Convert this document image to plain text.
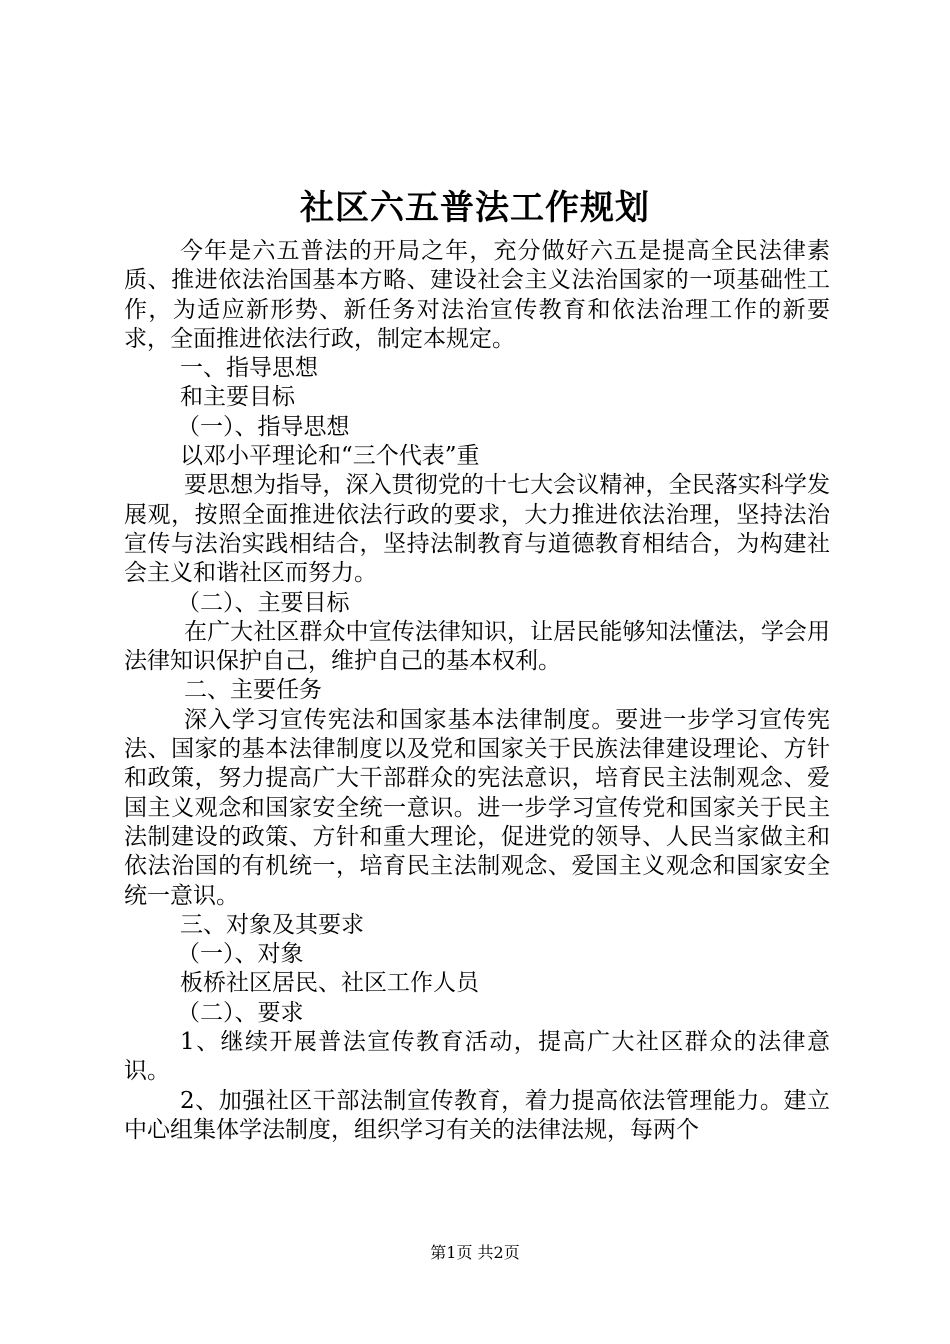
社区六五普法工作规划

今年是六五普法的开局之年，充分做好六五是提高全民法律素质、推进依法治国基本方略、建设社会主义法治国家的一项基础性工作，为适应新形势、新任务对法治宣传教育和依法治理工作的新要求，全面推进依法行政，制定本规定。

一、指导思想

和主要目标

（一）、指导思想

以邓小平理论和“三个代表”重

要思想为指导，深入贯彻党的十七大会议精神，全民落实科学发展观，按照全面推进依法行政的要求，大力推进依法治理，坚持法治宣传与法治实践相结合，坚持法制教育与道德教育相结合，为构建社会主义和谐社区而努力。

（二）、主要目标

在广大社区群众中宣传法律知识，让居民能够知法懂法，学会用法律知识保护自己，维护自己的基本权利。

二、主要任务

深入学习宣传宪法和国家基本法律制度。要进一步学习宣传宪法、国家的基本法律制度以及党和国家关于民族法律建设理论、方针和政策，努力提高广大干部群众的宪法意识，培育民主法制观念、爱国主义观念和国家安全统一意识。进一步学习宣传党和国家关于民主法制建设的政策、方针和重大理论，促进党的领导、人民当家做主和依法治国的有机统一，培育民主法制观念、爱国主义观念和国家安全统一意识。

三、对象及其要求

（一）、对象

板桥社区居民、社区工作人员

（二）、要求

1、继续开展普法宣传教育活动，提高广大社区群众的法律意识。

2、加强社区干部法制宣传教育，着力提高依法管理能力。建立中心组集体学法制度，组织学习有关的法律法规，每两个

第1页 共2页
